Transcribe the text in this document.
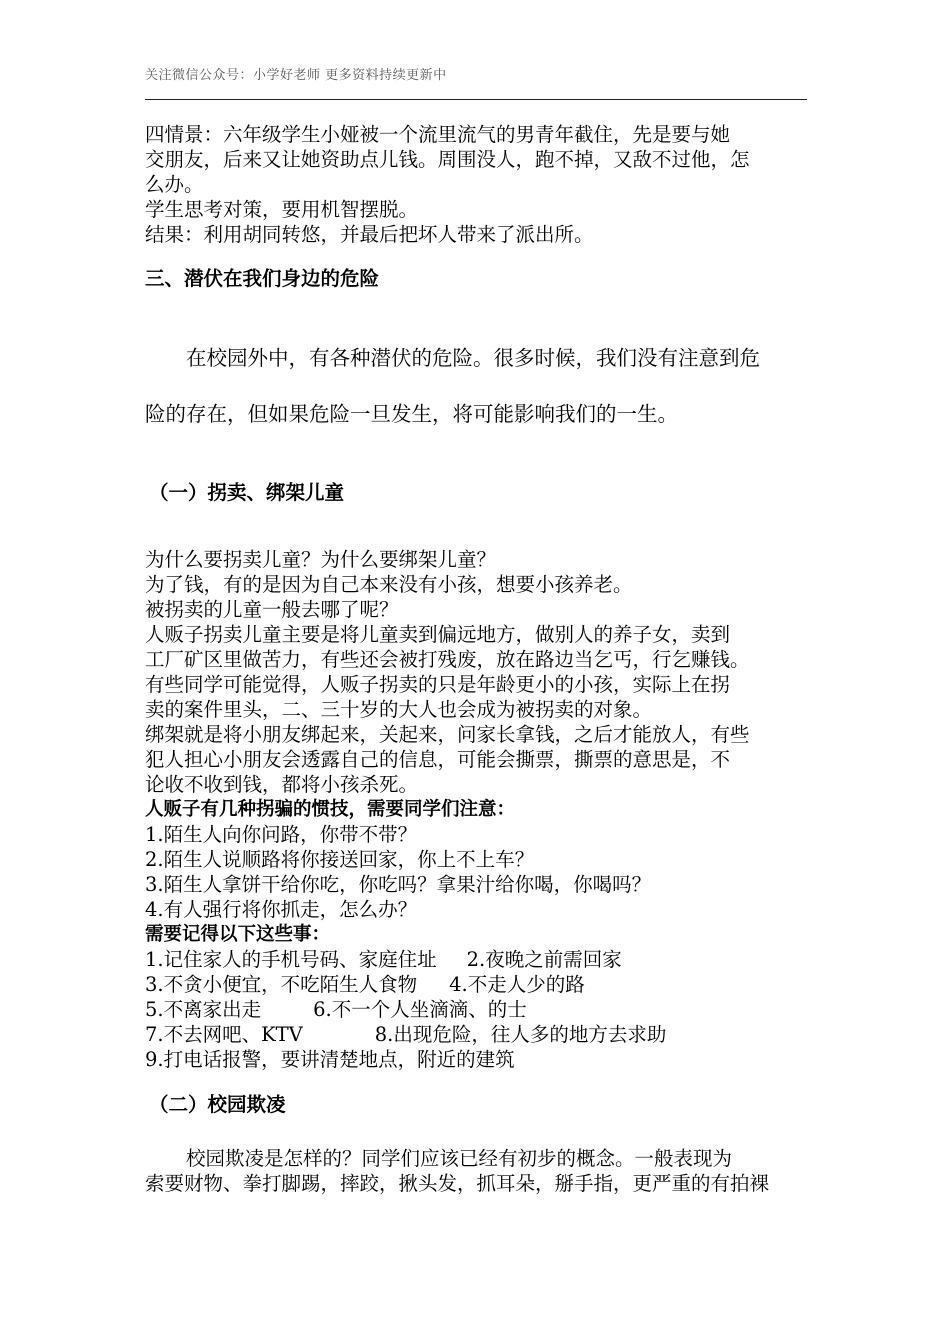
关注微信公众号：小学好老师 更多资料持续更新中

四情景：六年级学生小娅被一个流里流气的男青年截住，先是要与她

交朋友，后来又让她资助点儿钱。周围没人，跑不掉，又敌不过他，怎

么办。

学生思考对策，要用机智摆脱。

结果：利用胡同转悠，并最后把坏人带来了派出所。

三、潜伏在我们身边的危险

在校园外中，有各种潜伏的危险。很多时候，我们没有注意到危

险的存在，但如果危险一旦发生，将可能影响我们的一生。

（一）拐卖、绑架儿童

为什么要拐卖儿童？为什么要绑架儿童？

为了钱，有的是因为自己本来没有小孩，想要小孩养老。

被拐卖的儿童一般去哪了呢？

人贩子拐卖儿童主要是将儿童卖到偏远地方，做别人的养子女，卖到

工厂矿区里做苦力，有些还会被打残废，放在路边当乞丐，行乞赚钱。

有些同学可能觉得，人贩子拐卖的只是年龄更小的小孩，实际上在拐

卖的案件里头，二、三十岁的大人也会成为被拐卖的对象。

绑架就是将小朋友绑起来，关起来，问家长拿钱，之后才能放人，有些

犯人担心小朋友会透露自己的信息，可能会撕票，撕票的意思是，不

论收不收到钱，都将小孩杀死。

人贩子有几种拐骗的惯技，需要同学们注意：

1.陌生人向你问路，你带不带？

2.陌生人说顺路将你接送回家，你上不上车？

3.陌生人拿饼干给你吃，你吃吗？拿果汁给你喝，你喝吗？

4.有人强行将你抓走，怎么办？

需要记得以下这些事：

1.记住家人的手机号码、家庭住址 2.夜晚之前需回家

3.不贪小便宜，不吃陌生人食物 4.不走人少的路

5.不离家出走	6.不一个人坐滴滴、的士

7.不去网吧、KTV	8.出现危险，往人多的地方去求助

9.打电话报警，要讲清楚地点，附近的建筑

（二）校园欺凌

校园欺凌是怎样的？同学们应该已经有初步的概念。一般表现为

索要财物、拳打脚踢，摔跤，揪头发，抓耳朵，掰手指，更严重的有拍裸
